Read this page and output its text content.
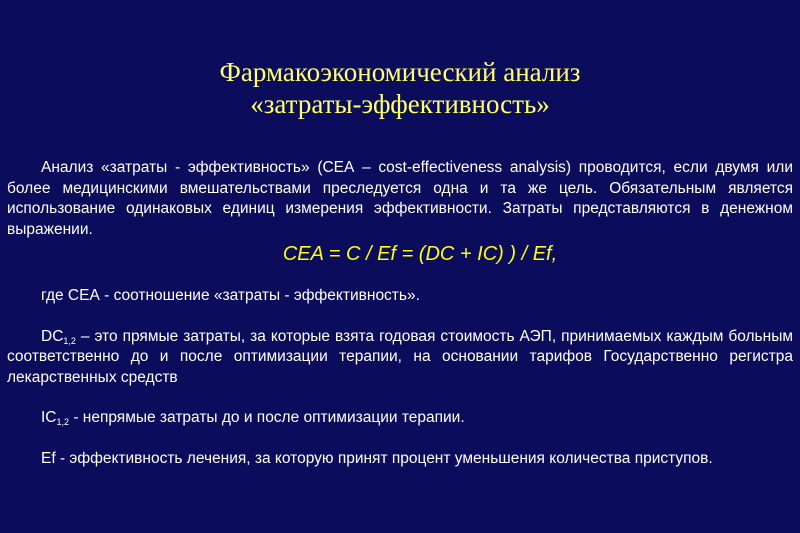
Фармакоэкономический анализ
«затраты-эффективность»

Анализ «затраты - эффективность» (СЕА – cost-effectiveness analysis) проводится, если двумя или более медицинскими вмешательствами преследуется одна и та же цель. Обязательным является использование одинаковых единиц измерения эффективности. Затраты представляются в денежном выражении.

CEA = C / Ef = (DC + IC) ) / Ef,

где СЕА - соотношение «затраты - эффективность».

$DC_{1,2}$ – это прямые затраты, за которые взята годовая стоимость АЭП, принимаемых каждым больным соответственно до и после оптимизации терапии, на основании тарифов Государственно регистра лекарственных средств

$IC_{1,2}$ - непрямые затраты до и после оптимизации терапии.

Ef - эффективность лечения, за которую принят процент уменьшения количества приступов.
